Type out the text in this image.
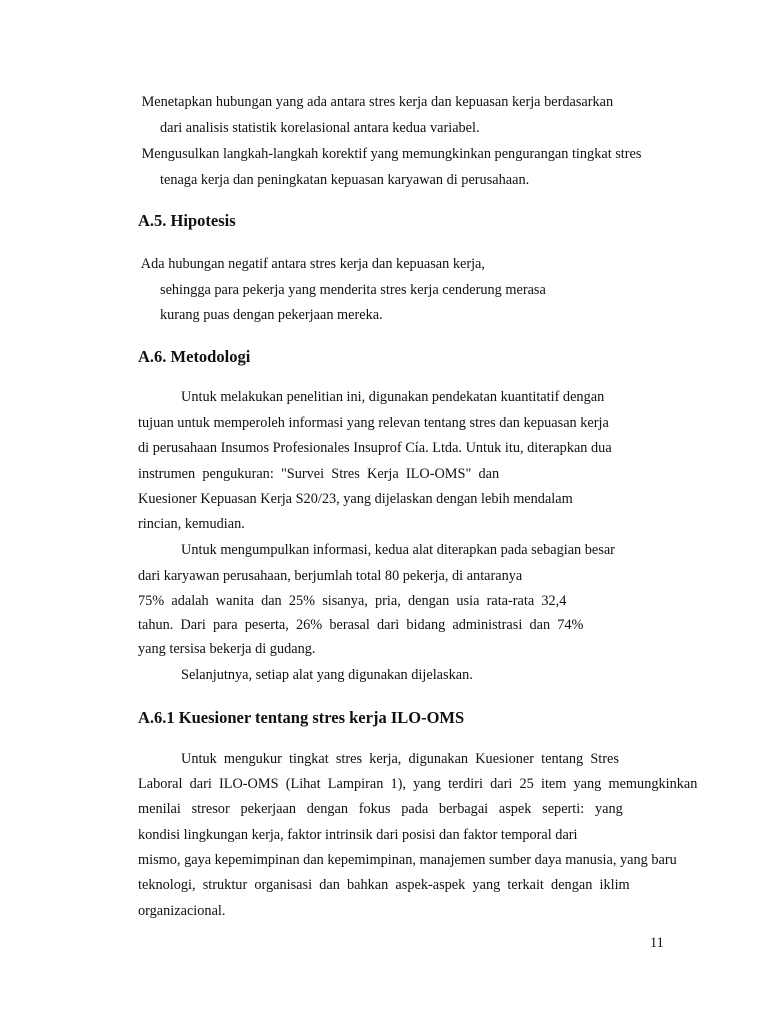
Menetapkan hubungan yang ada antara stres kerja dan kepuasan kerja berdasarkan

dari analisis statistik korelasional antara kedua variabel.

Mengusulkan langkah-langkah korektif yang memungkinkan pengurangan tingkat stres

tenaga kerja dan peningkatan kepuasan karyawan di perusahaan.

A.5. Hipotesis

Ada hubungan negatif antara stres kerja dan kepuasan kerja,

sehingga para pekerja yang menderita stres kerja cenderung merasa

kurang puas dengan pekerjaan mereka.

A.6. Metodologi

Untuk melakukan penelitian ini, digunakan pendekatan kuantitatif dengan

tujuan untuk memperoleh informasi yang relevan tentang stres dan kepuasan kerja

di perusahaan Insumos Profesionales Insuprof Cía. Ltda. Untuk itu, diterapkan dua

instrumen  pengukuran:  "Survei  Stres  Kerja  ILO-OMS"  dan

Kuesioner Kepuasan Kerja S20/23, yang dijelaskan dengan lebih mendalam

rincian, kemudian.

Untuk mengumpulkan informasi, kedua alat diterapkan pada sebagian besar

dari karyawan perusahaan, berjumlah total 80 pekerja, di antaranya

75%  adalah  wanita  dan  25%  sisanya,  pria,  dengan  usia  rata-rata  32,4

tahun.  Dari  para  peserta,  26%  berasal  dari  bidang  administrasi  dan  74%

yang tersisa bekerja di gudang.

Selanjutnya, setiap alat yang digunakan dijelaskan.

A.6.1 Kuesioner tentang stres kerja ILO-OMS

Untuk  mengukur  tingkat  stres  kerja,  digunakan  Kuesioner  tentang  Stres

Laboral  dari  ILO-OMS  (Lihat  Lampiran  1),  yang  terdiri  dari  25  item  yang  memungkinkan

menilai   stresor   pekerjaan   dengan   fokus   pada   berbagai   aspek   seperti:   yang

kondisi lingkungan kerja, faktor intrinsik dari posisi dan faktor temporal dari

mismo, gaya kepemimpinan dan kepemimpinan, manajemen sumber daya manusia, yang baru

teknologi,  struktur  organisasi  dan  bahkan  aspek-aspek  yang  terkait  dengan  iklim

organizacional.

11
